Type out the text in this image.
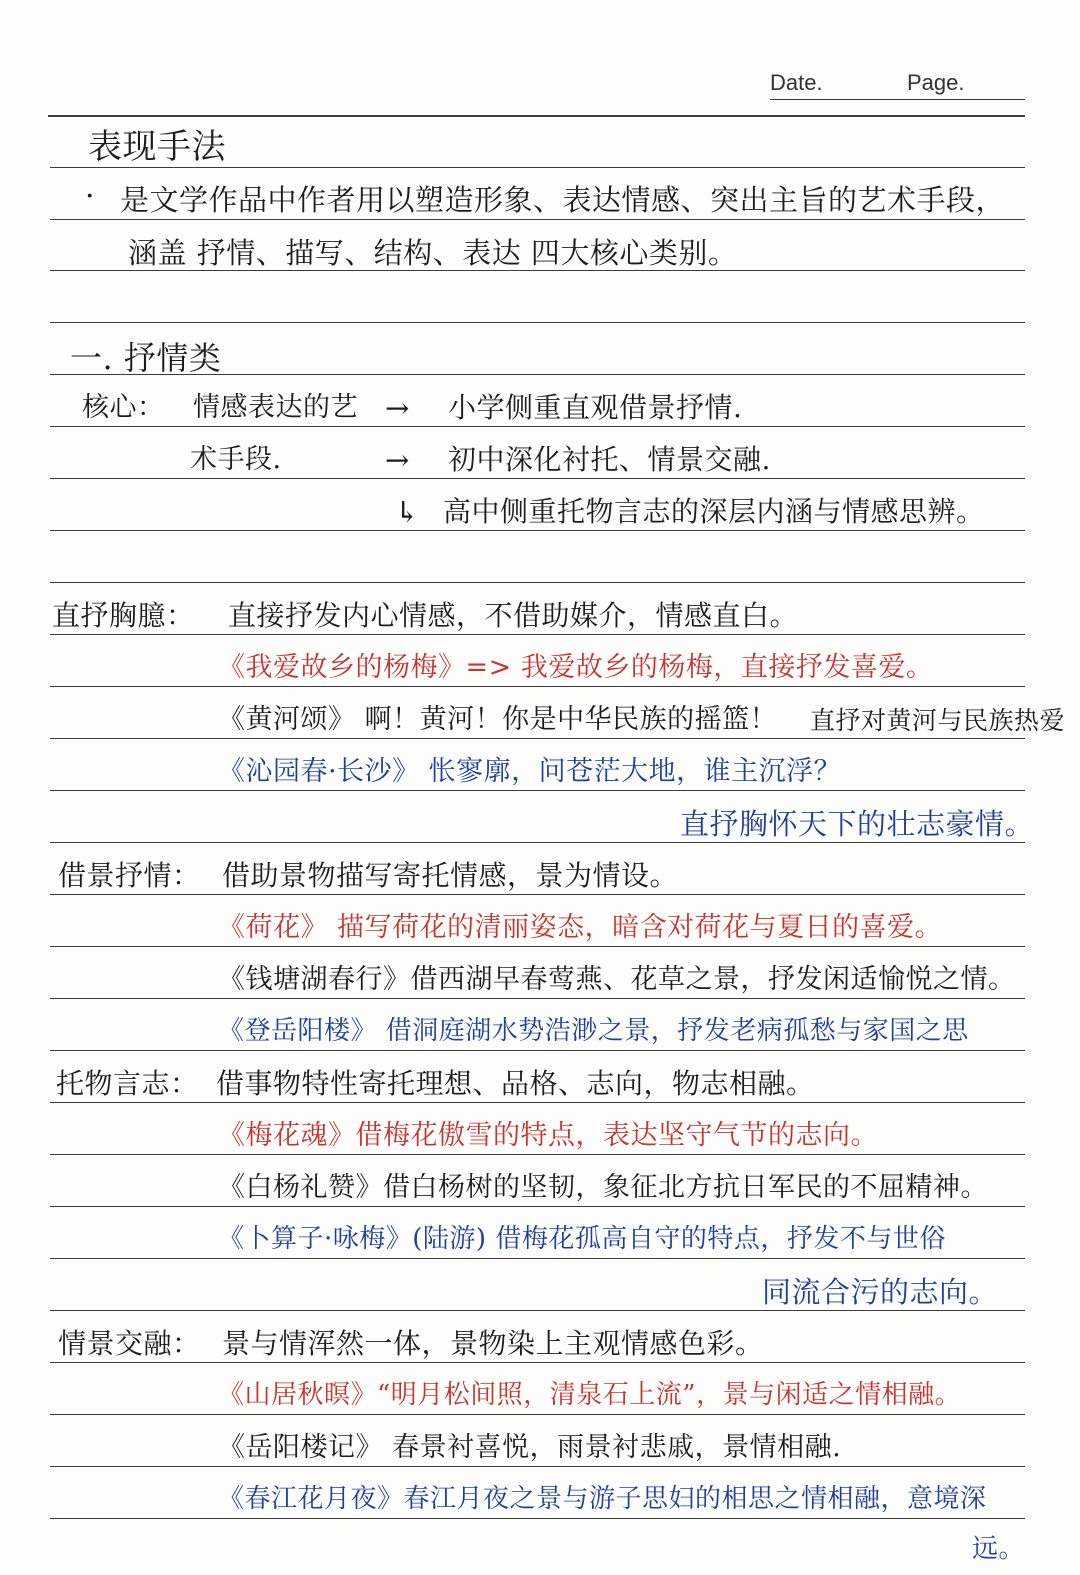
Date.	Page.
表现手法
· 是文学作品中作者用以塑造形象、表达情感、突出主旨的艺术手段，
涵盖 抒情、描写、结构、表达 四大核心类别。
一. 抒情类
核心： 情感表达的艺
术手段.
→
→
↳
小学侧重直观借景抒情.
初中深化衬托、情景交融.
高中侧重托物言志的深层内涵与情感思辨。
直抒胸臆： 直接抒发内心情感，不借助媒介，情感直白。
《我爱故乡的杨梅》=> 我爱故乡的杨梅，直接抒发喜爱。
《黄河颂》 啊！黄河！你是中华民族的摇篮！ 直抒对黄河与民族热爱
《沁园春·长沙》 怅寥廓，问苍茫大地，谁主沉浮？
直抒胸怀天下的壮志豪情。
借景抒情： 借助景物描写寄托情感，景为情设。
《荷花》 描写荷花的清丽姿态，暗含对荷花与夏日的喜爱。
《钱塘湖春行》借西湖早春莺燕、花草之景，抒发闲适愉悦之情。
《登岳阳楼》 借洞庭湖水势浩渺之景，抒发老病孤愁与家国之思
托物言志： 借事物特性寄托理想、品格、志向，物志相融。
《梅花魂》借梅花傲雪的特点，表达坚守气节的志向。
《白杨礼赞》借白杨树的坚韧，象征北方抗日军民的不屈精神。
《卜算子·咏梅》(陆游) 借梅花孤高自守的特点，抒发不与世俗
同流合污的志向。
情景交融： 景与情浑然一体，景物染上主观情感色彩。
《山居秋暝》“明月松间照，清泉石上流”，景与闲适之情相融。
《岳阳楼记》 春景衬喜悦，雨景衬悲戚，景情相融.
《春江花月夜》春江月夜之景与游子思妇的相思之情相融，意境深
远。
